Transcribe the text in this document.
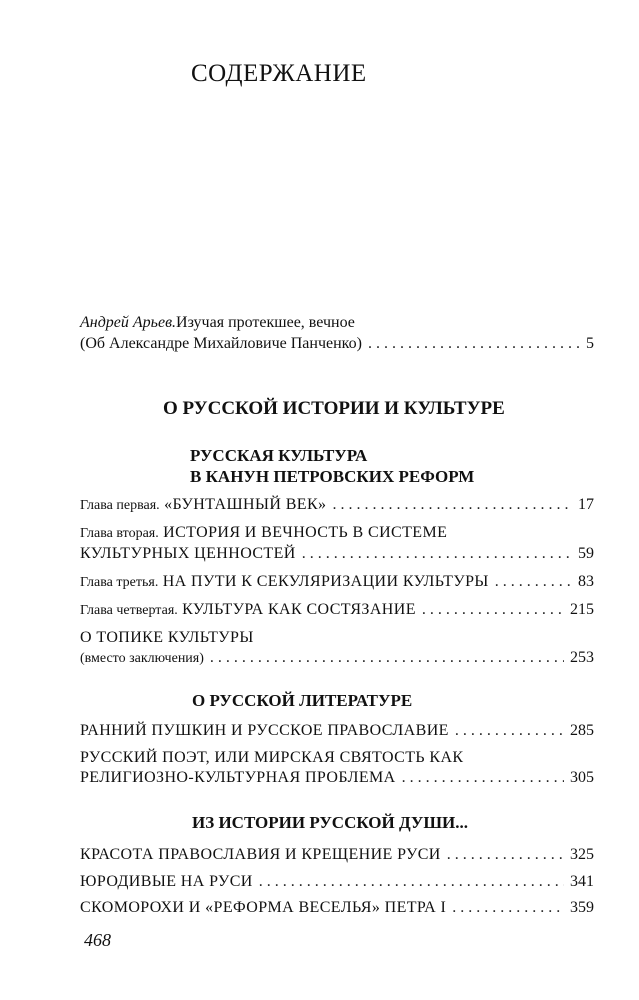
СОДЕРЖАНИЕ
Андрей Арьев. Изучая протекшее, вечное
(Об Александре Михайловиче Панченко) . . .	5
О РУССКОЙ ИСТОРИИ И КУЛЬТУРЕ
РУССКАЯ КУЛЬТУРА
В КАНУН ПЕТРОВСКИХ РЕФОРМ
Глава первая. «БУНТАШНЫЙ ВЕК» . . .	17
Глава вторая. ИСТОРИЯ И ВЕЧНОСТЬ В СИСТЕМЕ
КУЛЬТУРНЫХ ЦЕННОСТЕЙ . . .	59
Глава третья. НА ПУТИ К СЕКУЛЯРИЗАЦИИ КУЛЬТУРЫ . . .	83
Глава четвертая. КУЛЬТУРА КАК СОСТЯЗАНИЕ . . .	215
О ТОПИКЕ КУЛЬТУРЫ
(вместо заключения) . . .	253
О РУССКОЙ ЛИТЕРАТУРЕ
РАННИЙ ПУШКИН И РУССКОЕ ПРАВОСЛАВИЕ . . .	285
РУССКИЙ ПОЭТ, ИЛИ МИРСКАЯ СВЯТОСТЬ КАК
РЕЛИГИОЗНО-КУЛЬТУРНАЯ ПРОБЛЕМА . . .	305
ИЗ ИСТОРИИ РУССКОЙ ДУШИ...
КРАСОТА ПРАВОСЛАВИЯ И КРЕЩЕНИЕ РУСИ . . .	325
ЮРОДИВЫЕ НА РУСИ . . .	341
СКОМОРОХИ И «РЕФОРМА ВЕСЕЛЬЯ» ПЕТРА I . . .	359
468
